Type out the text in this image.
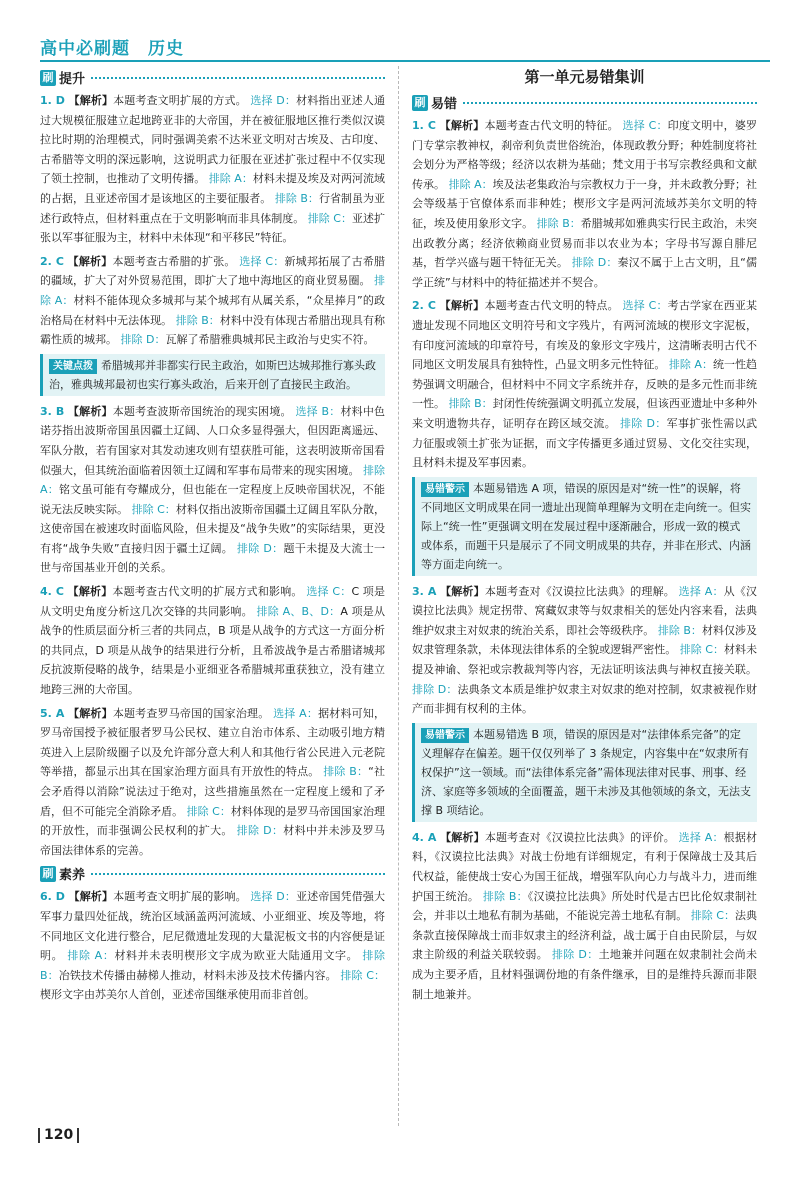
高中必刷题　历史
刷 提升

1. D 【解析】本题考查文明扩展的方式。 选择 D：材料指出亚述人通过大规模征服建立起地跨亚非的大帝国，并在被征服地区推行类似汉谟拉比时期的治理模式，同时强调美索不达米亚文明对古埃及、古印度、古希腊等文明的深远影响，这说明武力征服在亚述扩张过程中不仅实现了领土控制，也推动了文明传播。 排除 A：材料未提及埃及对两河流域的占据，且亚述帝国才是该地区的主要征服者。 排除 B：行省制虽为亚述行政特点，但材料重点在于文明影响而非具体制度。 排除 C：亚述扩张以军事征服为主，材料中未体现“和平移民”特征。

2. C 【解析】本题考查古希腊的扩张。 选择 C：新城邦拓展了古希腊的疆域，扩大了对外贸易范围，即扩大了地中海地区的商业贸易圈。 排除 A：材料不能体现众多城邦与某个城邦有从属关系，“众星捧月”的政治格局在材料中无法体现。 排除 B：材料中没有体现古希腊出现具有称霸性质的城邦。 排除 D：瓦解了希腊雅典城邦民主政治与史实不符。

关键点拨 希腊城邦并非都实行民主政治，如斯巴达城邦推行寡头政治，雅典城邦最初也实行寡头政治，后来开创了直接民主政治。

3. B 【解析】本题考查波斯帝国统治的现实困境。 选择 B：材料中色诺芬指出波斯帝国虽因疆土辽阔、人口众多显得强大，但因距离遥远、军队分散，若有国家对其发动速攻则有望获胜可能，这表明波斯帝国看似强大，但其统治面临着因领土辽阔和军事布局带来的现实困境。 排除 A：铭文虽可能有夸耀成分，但也能在一定程度上反映帝国状况，不能说无法反映实际。 排除 C：材料仅指出波斯帝国疆土辽阔且军队分散，这使帝国在被速攻时面临风险，但未提及“战争失败”的实际结果，更没有将“战争失败”直接归因于疆土辽阔。 排除 D：题干未提及大流士一世与帝国基业开创的关系。

4. C 【解析】本题考查古代文明的扩展方式和影响。 选择 C：C 项是从文明史角度分析这几次交锋的共同影响。 排除 A、B、D：A 项是从战争的性质层面分析三者的共同点，B 项是从战争的方式这一方面分析的共同点，D 项是从战争的结果进行分析，且希波战争是古希腊诸城邦反抗波斯侵略的战争，结果是小亚细亚各希腊城邦重获独立，没有建立地跨三洲的大帝国。

5. A 【解析】本题考查罗马帝国的国家治理。 选择 A：据材料可知，罗马帝国授予被征服者罗马公民权、建立自治市体系、主动吸引地方精英进入上层阶级圈子以及允许部分意大利人和其他行省公民进入元老院等举措，都显示出其在国家治理方面具有开放性的特点。 排除 B：“社会矛盾得以消除”说法过于绝对，这些措施虽然在一定程度上缓和了矛盾，但不可能完全消除矛盾。 排除 C：材料体现的是罗马帝国国家治理的开放性，而非强调公民权利的扩大。 排除 D：材料中并未涉及罗马帝国法律体系的完善。

刷 素养

6. D 【解析】本题考查文明扩展的影响。 选择 D：亚述帝国凭借强大军事力量四处征战，统治区域涵盖两河流域、小亚细亚、埃及等地，将不同地区文化进行整合，尼尼微遗址发现的大量泥板文书的内容便是证明。 排除 A：材料并未表明楔形文字成为欧亚大陆通用文字。 排除 B：冶铁技术传播由赫梯人推动，材料未涉及技术传播内容。 排除 C：楔形文字由苏美尔人首创，亚述帝国继承使用而非首创。

第一单元易错集训
刷 易错

1. C 【解析】本题考查古代文明的特征。 选择 C：印度文明中，婆罗门专掌宗教神权，刹帝利负责世俗统治，体现政教分野；种姓制度将社会划分为严格等级；经济以农耕为基础；梵文用于书写宗教经典和文献传承。 排除 A：埃及法老集政治与宗教权力于一身，并未政教分野；社会等级基于官僚体系而非种姓；楔形文字是两河流域苏美尔文明的特征，埃及使用象形文字。 排除 B：希腊城邦如雅典实行民主政治，未突出政教分离；经济依赖商业贸易而非以农业为本；字母书写源自腓尼基，哲学兴盛与题干特征无关。 排除 D：秦汉不属于上古文明，且“儒学正统”与材料中的特征描述并不契合。

2. C 【解析】本题考查古代文明的特点。 选择 C：考古学家在西亚某遗址发现不同地区文明符号和文字残片，有两河流域的楔形文字泥板，有印度河流域的印章符号，有埃及的象形文字残片，这清晰表明古代不同地区文明发展具有独特性，凸显文明多元性特征。 排除 A：统一性趋势强调文明融合，但材料中不同文字系统并存，反映的是多元性而非统一性。 排除 B：封闭性传统强调文明孤立发展，但该西亚遗址中多种外来文明遗物共存，证明存在跨区域交流。 排除 D：军事扩张性需以武力征服或领土扩张为证据，而文字传播更多通过贸易、文化交往实现，且材料未提及军事因素。

易错警示 本题易错选 A 项，错误的原因是对“统一性”的误解，将不同地区文明成果在同一遗址出现简单理解为文明在走向统一。但实际上“统一性”更强调文明在发展过程中逐渐融合，形成一致的模式或体系，而题干只是展示了不同文明成果的共存，并非在形式、内涵等方面走向统一。

3. A 【解析】本题考查对《汉谟拉比法典》的理解。 选择 A：从《汉谟拉比法典》规定拐带、窝藏奴隶等与奴隶相关的惩处内容来看，法典维护奴隶主对奴隶的统治关系，即社会等级秩序。 排除 B：材料仅涉及奴隶管理条款，未体现法律体系的全貌或逻辑严密性。 排除 C：材料未提及神谕、祭祀或宗教裁判等内容，无法证明该法典与神权直接关联。 排除 D：法典条文本质是维护奴隶主对奴隶的绝对控制，奴隶被视作财产而非拥有权利的主体。

易错警示 本题易错选 B 项，错误的原因是对“法律体系完备”的定义理解存在偏差。题干仅仅列举了 3 条规定，内容集中在“奴隶所有权保护”这一领域。而“法律体系完备”需体现法律对民事、刑事、经济、家庭等多领域的全面覆盖，题干未涉及其他领域的条文，无法支撑 B 项结论。

4. A 【解析】本题考查对《汉谟拉比法典》的评价。 选择 A：根据材料，《汉谟拉比法典》对战士份地有详细规定，有利于保障战士及其后代权益，能使战士安心为国王征战，增强军队向心力与战斗力，进而维护国王统治。 排除 B：《汉谟拉比法典》所处时代是古巴比伦奴隶制社会，并非以土地私有制为基础，不能说完善土地私有制。 排除 C：法典条款直接保障战士而非奴隶主的经济利益，战士属于自由民阶层，与奴隶主阶级的利益关联较弱。 排除 D：土地兼并问题在奴隶制社会尚未成为主要矛盾，且材料强调份地的有条件继承，目的是维持兵源而非限制土地兼并。

120
